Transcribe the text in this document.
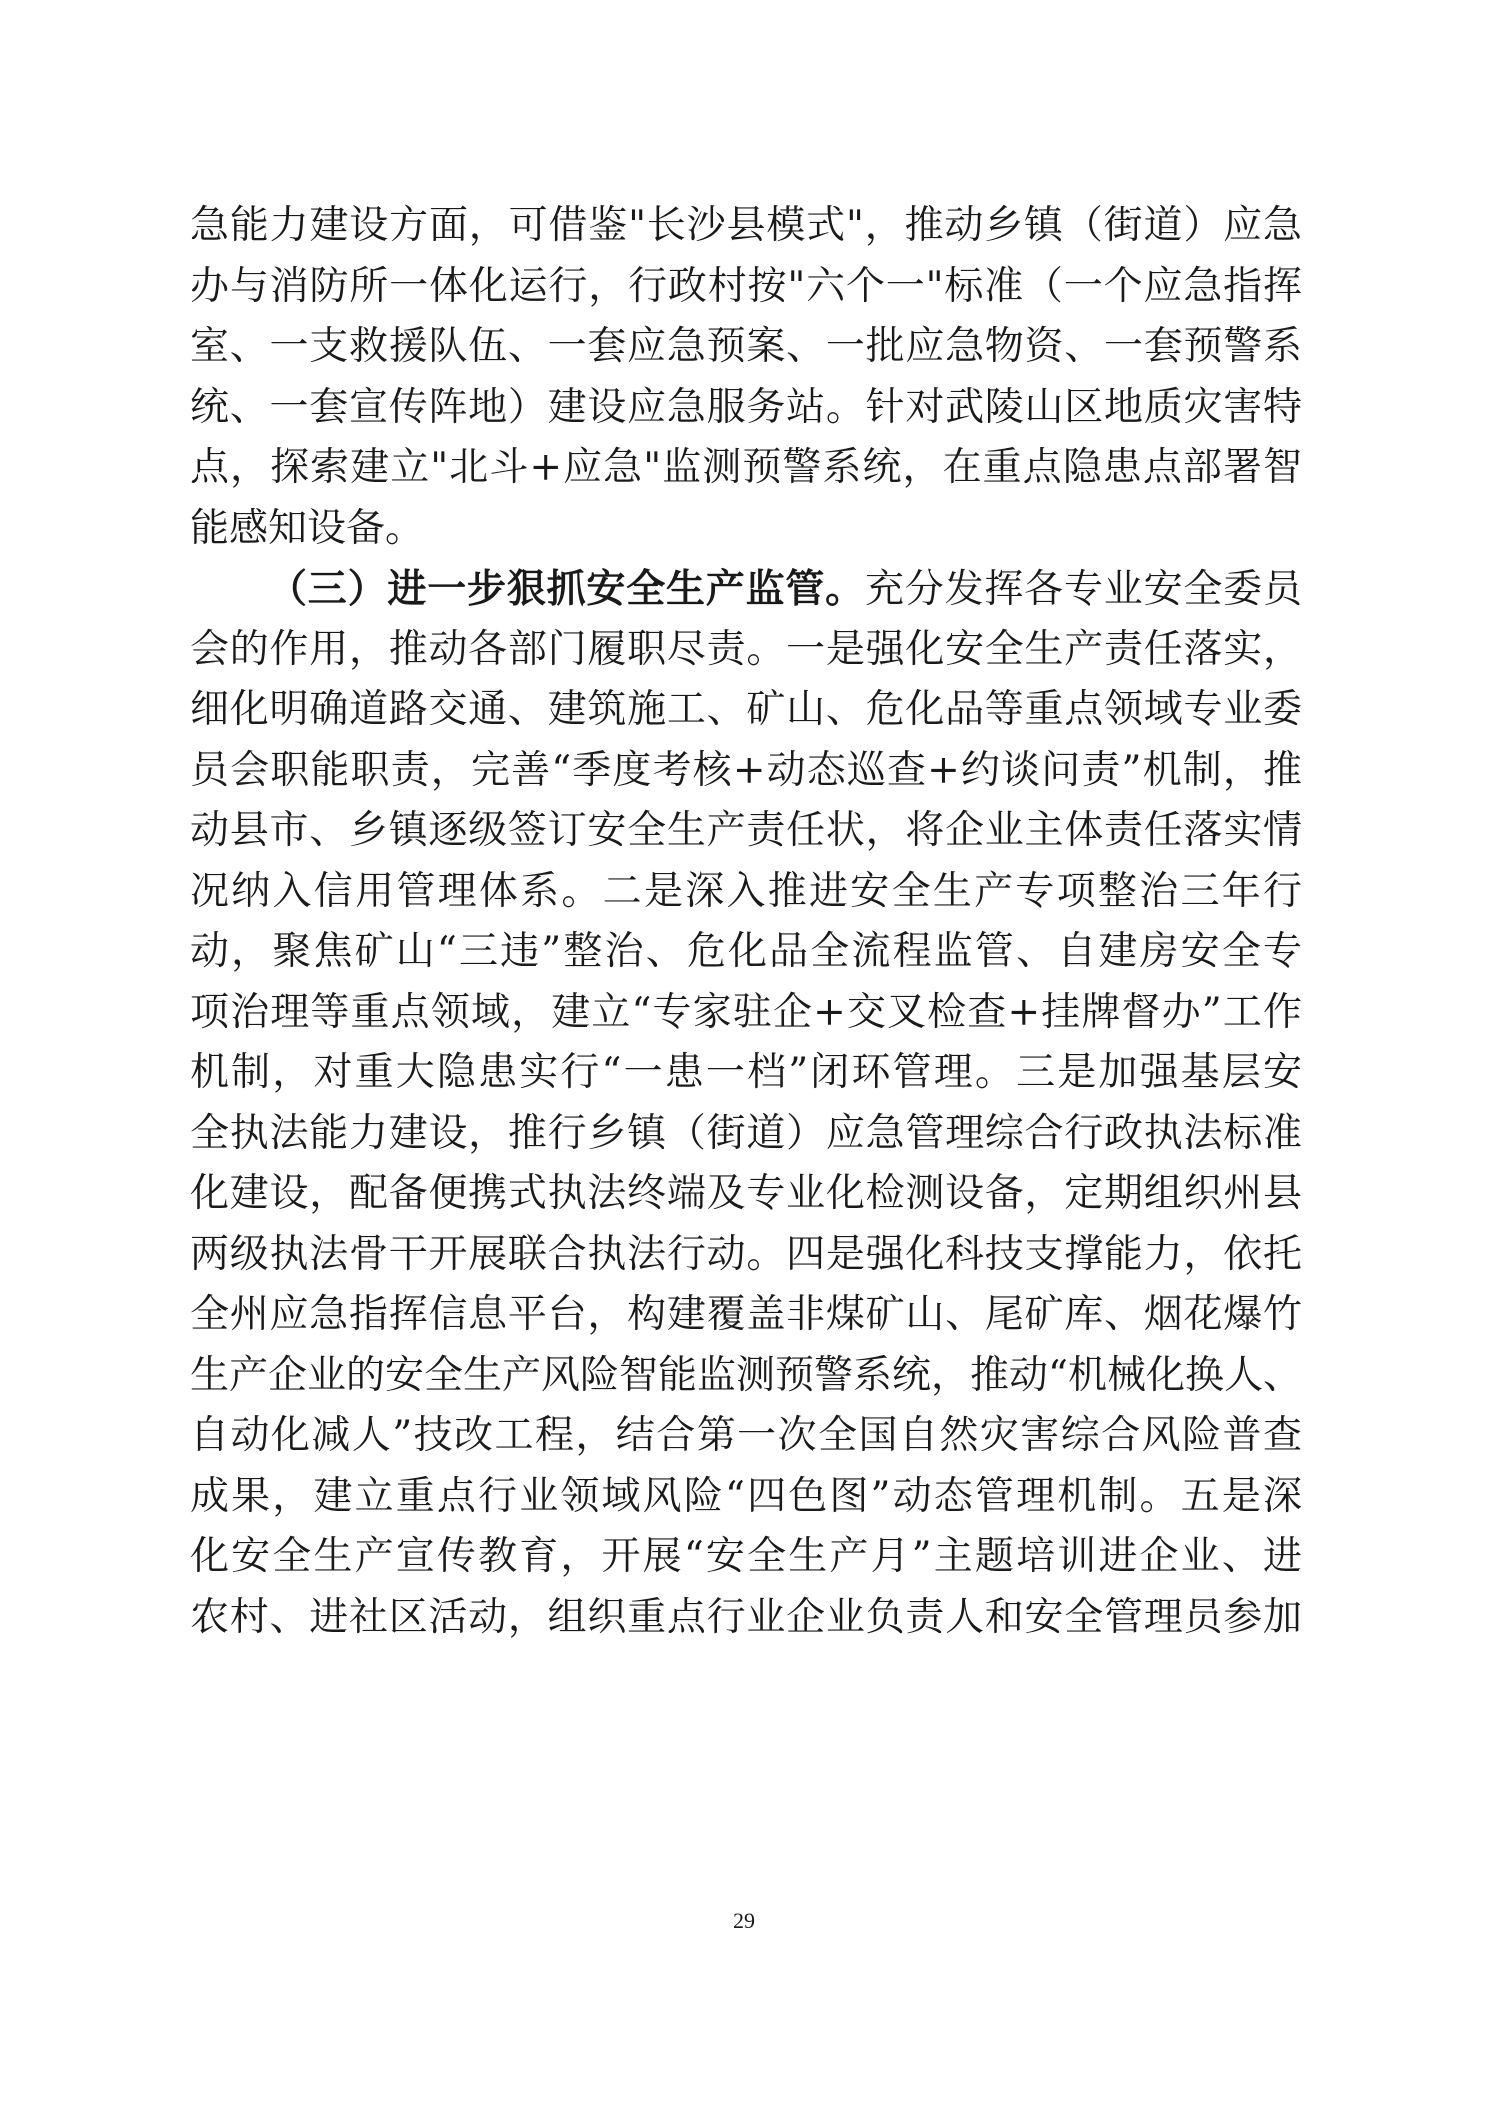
急能力建设方面，可借鉴"长沙县模式"，推动乡镇（街道）应急
办与消防所一体化运行，行政村按"六个一"标准（一个应急指挥
室、一支救援队伍、一套应急预案、一批应急物资、一套预警系
统、一套宣传阵地）建设应急服务站。针对武陵山区地质灾害特
点，探索建立"北斗+应急"监测预警系统，在重点隐患点部署智
能感知设备。
（三）进一步狠抓安全生产监管。充分发挥各专业安全委员
会的作用，推动各部门履职尽责。一是强化安全生产责任落实，
细化明确道路交通、建筑施工、矿山、危化品等重点领域专业委
员会职能职责，完善“季度考核+动态巡查+约谈问责”机制，推
动县市、乡镇逐级签订安全生产责任状，将企业主体责任落实情
况纳入信用管理体系。二是深入推进安全生产专项整治三年行
动，聚焦矿山“三违”整治、危化品全流程监管、自建房安全专
项治理等重点领域，建立“专家驻企+交叉检查+挂牌督办”工作
机制，对重大隐患实行“一患一档”闭环管理。三是加强基层安
全执法能力建设，推行乡镇（街道）应急管理综合行政执法标准
化建设，配备便携式执法终端及专业化检测设备，定期组织州县
两级执法骨干开展联合执法行动。四是强化科技支撑能力，依托
全州应急指挥信息平台，构建覆盖非煤矿山、尾矿库、烟花爆竹
生产企业的安全生产风险智能监测预警系统，推动“机械化换人、
自动化减人”技改工程，结合第一次全国自然灾害综合风险普查
成果，建立重点行业领域风险“四色图”动态管理机制。五是深
化安全生产宣传教育，开展“安全生产月”主题培训进企业、进
农村、进社区活动，组织重点行业企业负责人和安全管理员参加
29
